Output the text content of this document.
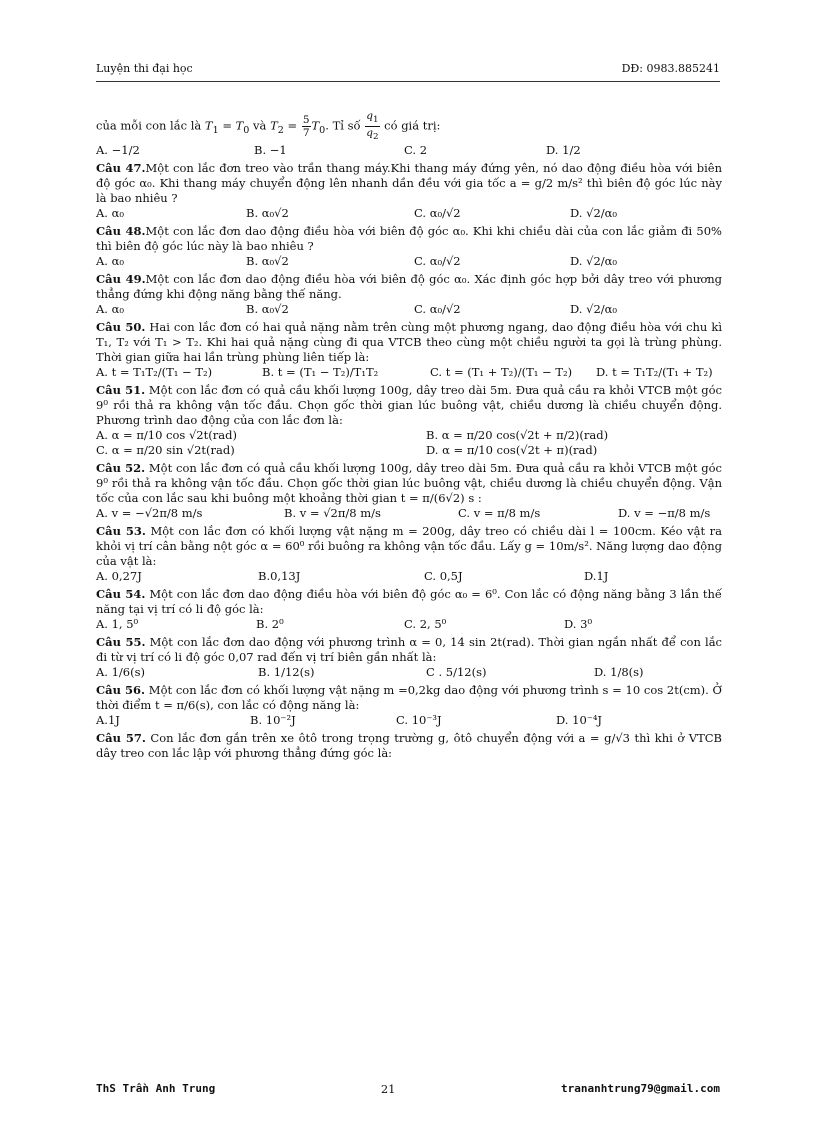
Luyện thi đại học	DĐ: 0983.885241

của mỗi con lắc là $T_1 = T_0$ và $T_2 = \frac{5}{7} T_0$. Tỉ số $\frac{q_1}{q_2}$ có giá trị:

A. −1/2	B. −1	C. 2	D. 1/2

Câu 47.Một con lắc đơn treo vào trần thang máy.Khi thang máy đứng yên, nó dao động điều hòa với biên độ góc α₀. Khi thang máy chuyển động lên nhanh dần đều với gia tốc a = g/2 m/s² thì biên độ góc lúc này là bao nhiêu ?

A. α₀	B. α₀√2	C. α₀/√2	D. √2/α₀

Câu 48.Một con lắc đơn dao động điều hòa với biên độ góc α₀. Khi khi chiều dài của con lắc giảm đi 50% thì biên độ góc lúc này là bao nhiêu ?

A. α₀	B. α₀√2	C. α₀/√2	D. √2/α₀

Câu 49.Một con lắc đơn dao động điều hòa với biên độ góc α₀. Xác định góc hợp bởi dây treo với phương thẳng đứng khi động năng bằng thế năng.

A. α₀	B. α₀√2	C. α₀/√2	D. √2/α₀

Câu 50. Hai con lắc đơn có hai quả nặng nằm trên cùng một phương ngang, dao động điều hòa với chu kì T₁, T₂ với T₁ > T₂. Khi hai quả nặng cùng đi qua VTCB theo cùng một chiều người ta gọi là trùng phùng. Thời gian giữa hai lần trùng phùng liên tiếp là:

A. t = T₁T₂/(T₁ − T₂)	B. t = (T₁ − T₂)/T₁T₂	C. t = (T₁ + T₂)/(T₁ − T₂)	D. t = T₁T₂/(T₁ + T₂)

Câu 51. Một con lắc đơn có quả cầu khối lượng 100g, dây treo dài 5m. Đưa quả cầu ra khỏi VTCB một góc 9⁰ rồi thả ra không vận tốc đầu. Chọn gốc thời gian lúc buông vật, chiều dương là chiều chuyển động. Phương trình dao động của con lắc đơn là:

A. α = π/10 cos √2t(rad)	B. α = π/20 cos(√2t + π/2)(rad)
C. α = π/20 sin √2t(rad)	D. α = π/10 cos(√2t + π)(rad)

Câu 52. Một con lắc đơn có quả cầu khối lượng 100g, dây treo dài 5m. Đưa quả cầu ra khỏi VTCB một góc 9⁰ rồi thả ra không vận tốc đầu. Chọn gốc thời gian lúc buông vật, chiều dương là chiều chuyển động. Vận tốc của con lắc sau khi buông một khoảng thời gian t = π/(6√2) s :

A. v = −√2π/8 m/s	B. v = √2π/8 m/s	C. v = π/8 m/s	D. v = −π/8 m/s

Câu 53. Một con lắc đơn có khối lượng vật nặng m = 200g, dây treo có chiều dài l = 100cm. Kéo vật ra khỏi vị trí cân bằng nột góc α = 60⁰ rồi buông ra không vận tốc đầu. Lấy g = 10m/s². Năng lượng dao động của vật là:

A. 0,27J	B.0,13J	C. 0,5J	D.1J

Câu 54. Một con lắc đơn dao động điều hòa với biên độ góc α₀ = 6⁰. Con lắc có động năng bằng 3 lần thế năng tại vị trí có li độ góc là:

A. 1, 5⁰	B. 2⁰	C. 2, 5⁰	D. 3⁰

Câu 55. Một con lắc đơn dao động với phương trình α = 0, 14 sin 2t(rad). Thời gian ngắn nhất để con lắc đi từ vị trí có li độ góc 0,07 rad đến vị trí biên gần nhất là:

A. 1/6(s)	B. 1/12(s)	C . 5/12(s)	D. 1/8(s)

Câu 56. Một con lắc đơn có khối lượng vật nặng m =0,2kg dao động với phương trình s = 10 cos 2t(cm). Ở thời điểm t = π/6(s), con lắc có động năng là:

A.1J	B. 10⁻²J	C. 10⁻³J	D. 10⁻⁴J

Câu 57. Con lắc đơn gắn trên xe ôtô trong trọng trường g, ôtô chuyển động với a = g/√3 thì khi ở VTCB dây treo con lắc lập với phương thẳng đứng góc là:

ThS Trần Anh Trung	21	trananhtrung79@gmail.com
